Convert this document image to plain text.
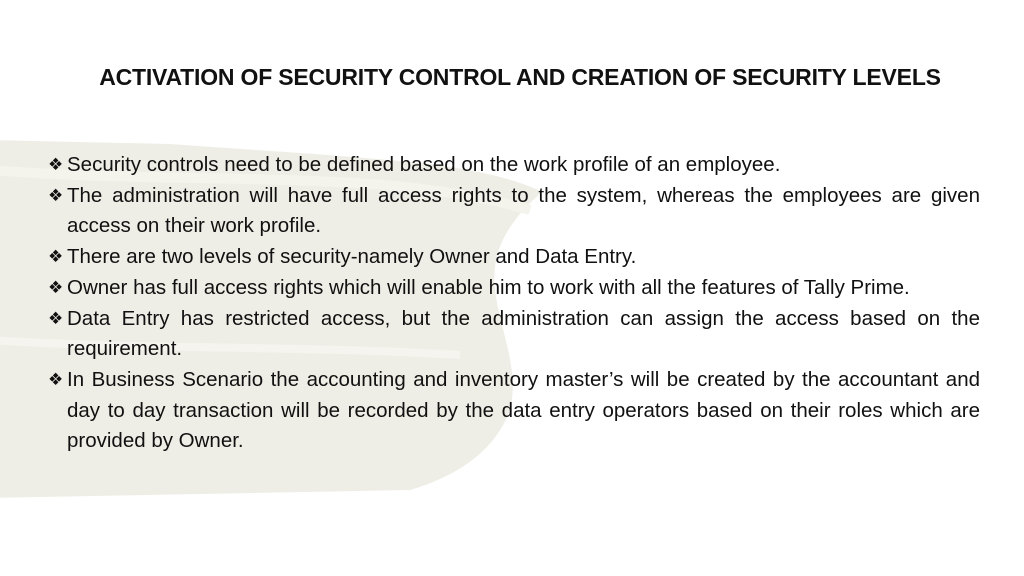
ACTIVATION OF SECURITY CONTROL AND CREATION OF SECURITY LEVELS
❖ Security controls need to be defined based on the work profile of an employee.
❖ The administration will have full access rights to the system, whereas the employees are given access on their work profile.
❖ There are two levels of security-namely Owner and Data Entry.
❖ Owner has full access rights which will enable him to work with all the features of Tally Prime.
❖ Data Entry has restricted access, but the administration can assign the access based on the requirement.
❖ In Business Scenario the accounting and inventory master’s will be created by the accountant and day to day transaction will be recorded by the data entry operators based on their roles which are provided by Owner.
